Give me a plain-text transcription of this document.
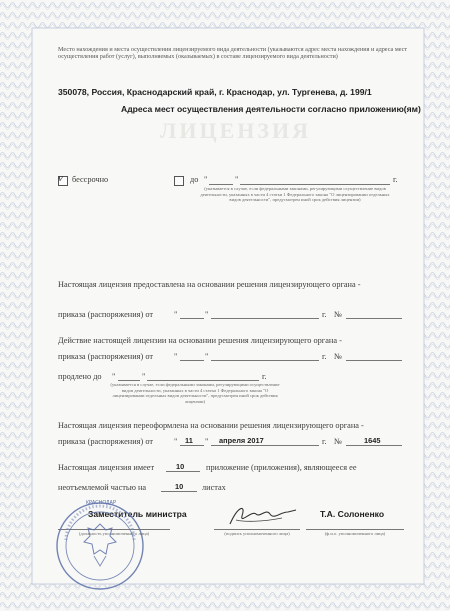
Место нахождения и места осуществления лицензируемого вида деятельности (указываются адрес места нахождения и адреса мест осуществления работ (услуг), выполняемых (оказываемых) в составе лицензируемого вида деятельности)
350078, Россия, Краснодарский край, г. Краснодар, ул. Тургенева, д. 199/1
Адреса мест осуществления деятельности согласно приложению(ям)
ЛИЦЕНЗИЯ
v бессрочно	до "	"	г.
(указывается в случае, если федеральными законами, регулирующими осуществление видов деятельности, указанных в части 4 статьи 1 Федерального закона "О лицензировании отдельных видов деятельности", предусмотрен иной срок действия лицензии)
Настоящая лицензия предоставлена на основании решения лицензирующего органа -
приказа (распоряжения) от	"	"	г. №
Действие настоящей лицензии на основании решения лицензирующего органа -
приказа (распоряжения) от	"	"	г. №
продлено до "	"	г.
(указывается в случае, если федеральными законами, регулирующими осуществление видов деятельности, указанных в части 4 статьи 1 Федерального закона "О лицензировании отдельных видов деятельности", предусмотрен иной срок действия лицензии)
Настоящая лицензия переоформлена на основании решения лицензирующего органа -
приказа (распоряжения) от	" 11 " апреля 2017	г. №	1645
Настоящая лицензия имеет	10	приложение (приложения), являющееся ее
неотъемлемой частью на	10 листах
Заместитель министра
(должность уполномоченного лица)	(подпись уполномоченного лица)
Т.А. Солоненко
(ф.и.о. уполномоченного лица)
КРАСНОДАР
